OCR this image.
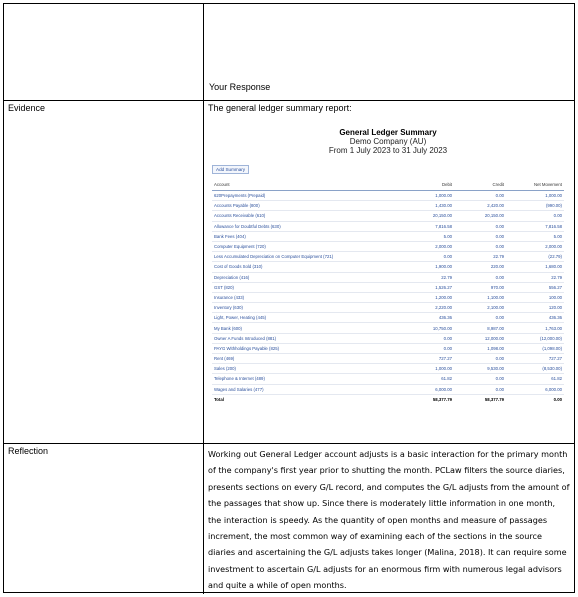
Your Response
Evidence	The general ledger summary report:
General Ledger Summary
Demo Company (AU)
From 1 July 2023 to 31 July 2023
Add Summary
Account	Debit	Credit	Net Movement
620Prepayments (Prepaid)	1,000.00	0.00	1,000.00
Accounts Payable (800)	1,430.00	2,420.00	(990.00)
Accounts Receivable (610)	20,150.00	20,150.00	0.00
Allowance for Doubtful Debts (630)	7,816.58	0.00	7,816.58
Bank Fees (404)	5.00	0.00	5.00
Computer Equipment (720)	2,000.00	0.00	2,000.00
Less Accumulated Depreciation on Computer Equipment (721)	0.00	22.79	(22.79)
Cost of Goods Sold (310)	1,900.00	220.00	1,680.00
Depreciation (416)	22.79	0.00	22.79
GST (820)	1,526.27	970.00	556.27
Insurance (433)	1,200.00	1,100.00	100.00
Inventory (630)	2,220.00	2,100.00	120.00
Light, Power, Heating (445)	436.36	0.00	436.36
My Bank (600)	10,750.00	8,987.00	1,763.00
Owner A Funds Introduced (881)	0.00	12,000.00	(12,000.00)
PAYG Withholdings Payable (825)	0.00	1,098.00	(1,098.00)
Rent (469)	727.27	0.00	727.27
Sales (200)	1,000.00	9,530.00	(8,530.00)
Telephone & Internet (489)	61.82	0.00	61.82
Wages and Salaries (477)	6,000.00	0.00	6,000.00
Total	58,377.79	58,377.79	0.00
Reflection	Working out General Ledger account adjusts is a basic interaction for the primary month of the company's first year prior to shutting the month. PCLaw filters the source diaries, presents sections on every G/L record, and computes the G/L adjusts from the amount of the passages that show up. Since there is moderately little information in one month, the interaction is speedy. As the quantity of open months and measure of passages increment, the most common way of examining each of the sections in the source diaries and ascertaining the G/L adjusts takes longer (Malina, 2018). It can require some investment to ascertain G/L adjusts for an enormous firm with numerous legal advisors and quite a while of open months.
